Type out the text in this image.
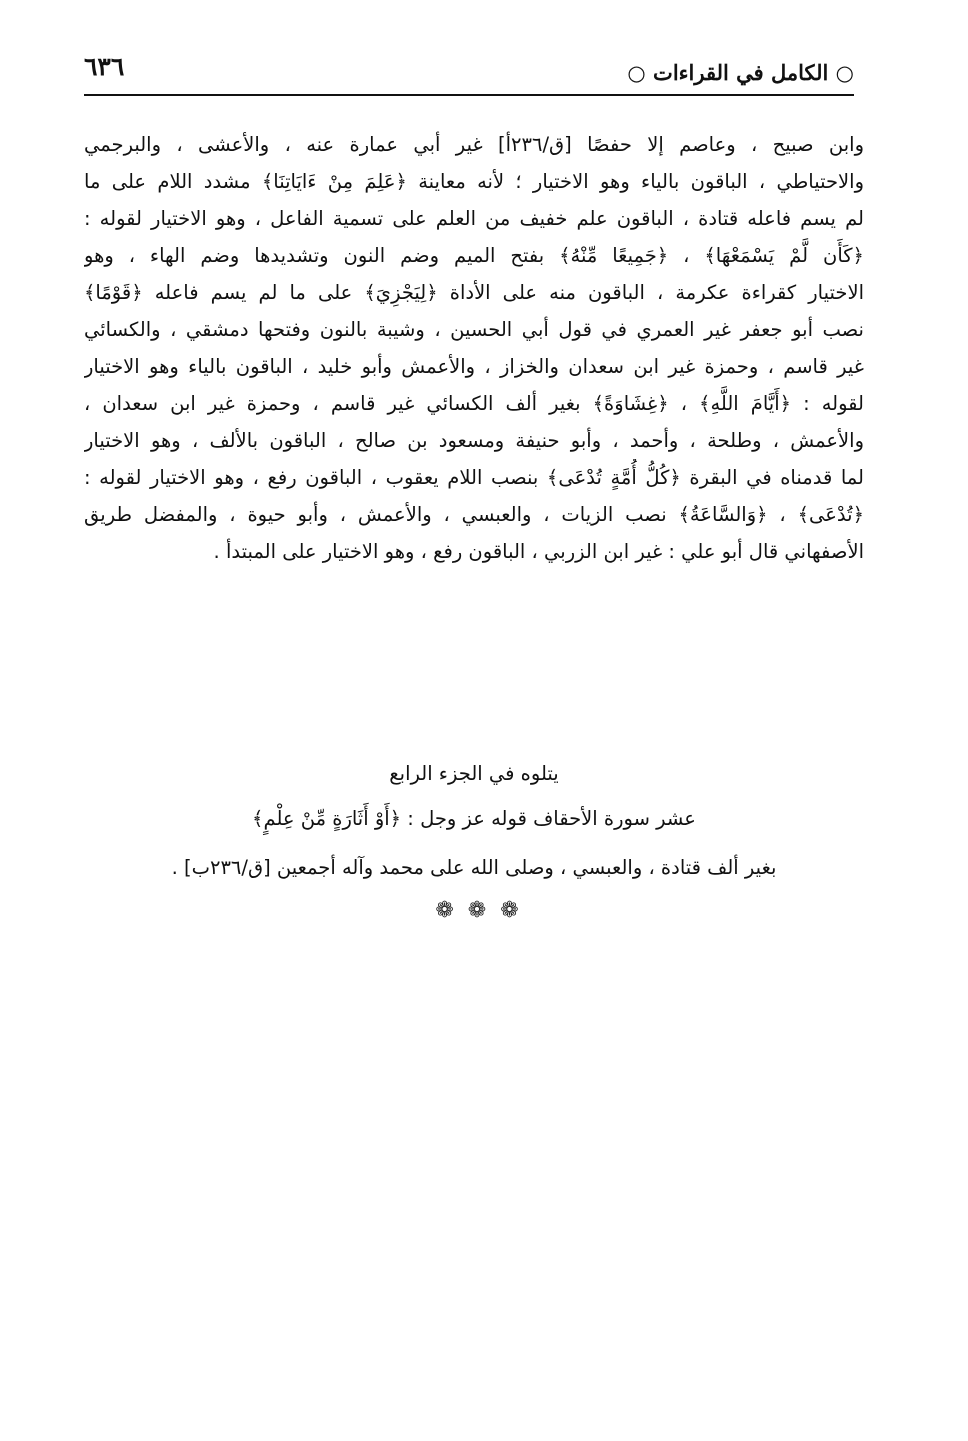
○ الكامل في القراءات ○
٦٣٦
وابن صبيح ، وعاصم إلا حفصًا [ق/٢٣٦أ] غير أبي عمارة عنه ، والأعشى ، والبرجمي
والاحتياطي ، الباقون بالياء وهو الاختيار ؛ لأنه معاينة ﴿عَلِمَ مِنْ ءَايَاتِنَا﴾ مشدد اللام على ما
لم يسم فاعله قتادة ، الباقون علم خفيف من العلم على تسمية الفاعل ، وهو الاختيار لقوله :
﴿كَأَن لَّمْ يَسْمَعْهَا﴾ ، ﴿جَمِيعًا مِّنْهُ﴾ بفتح الميم وضم النون وتشديدها وضم الهاء ، وهو
الاختيار كقراءة عكرمة ، الباقون منه على الأداة ﴿لِيَجْزِيَ﴾ على ما لم يسم فاعله ﴿قَوْمًا﴾
نصب أبو جعفر غير العمري في قول أبي الحسين ، وشيبة بالنون وفتحها دمشقي ، والكسائي
غير قاسم ، وحمزة غير ابن سعدان والخزاز ، والأعمش وأبو خليد ، الباقون بالياء وهو الاختيار
لقوله : ﴿أَيَّامَ اللَّهِ﴾ ، ﴿غِشَاوَةً﴾ بغير ألف الكسائي غير قاسم ، وحمزة غير ابن سعدان ،
والأعمش ، وطلحة ، وأحمد ، وأبو حنيفة ومسعود بن صالح ، الباقون بالألف ، وهو الاختيار
لما قدمناه في البقرة ﴿كُلُّ أُمَّةٍ تُدْعَى﴾ بنصب اللام يعقوب ، الباقون رفع ، وهو الاختيار لقوله :
﴿تُدْعَى﴾ ، ﴿وَالسَّاعَةُ﴾ نصب الزيات ، والعبسي ، والأعمش ، وأبو حيوة ، والمفضل طريق
الأصفهاني قال أبو علي : غير ابن الزربي ، الباقون رفع ، وهو الاختيار على المبتدأ .
يتلوه في الجزء الرابع
عشر سورة الأحقاف قوله عز وجل : ﴿أَوْ أَثَارَةٍ مِّنْ عِلْمٍ﴾
بغير ألف قتادة ، والعبسي ، وصلى الله على محمد وآله أجمعين [ق/٢٣٦ب] .
❁❁❁
